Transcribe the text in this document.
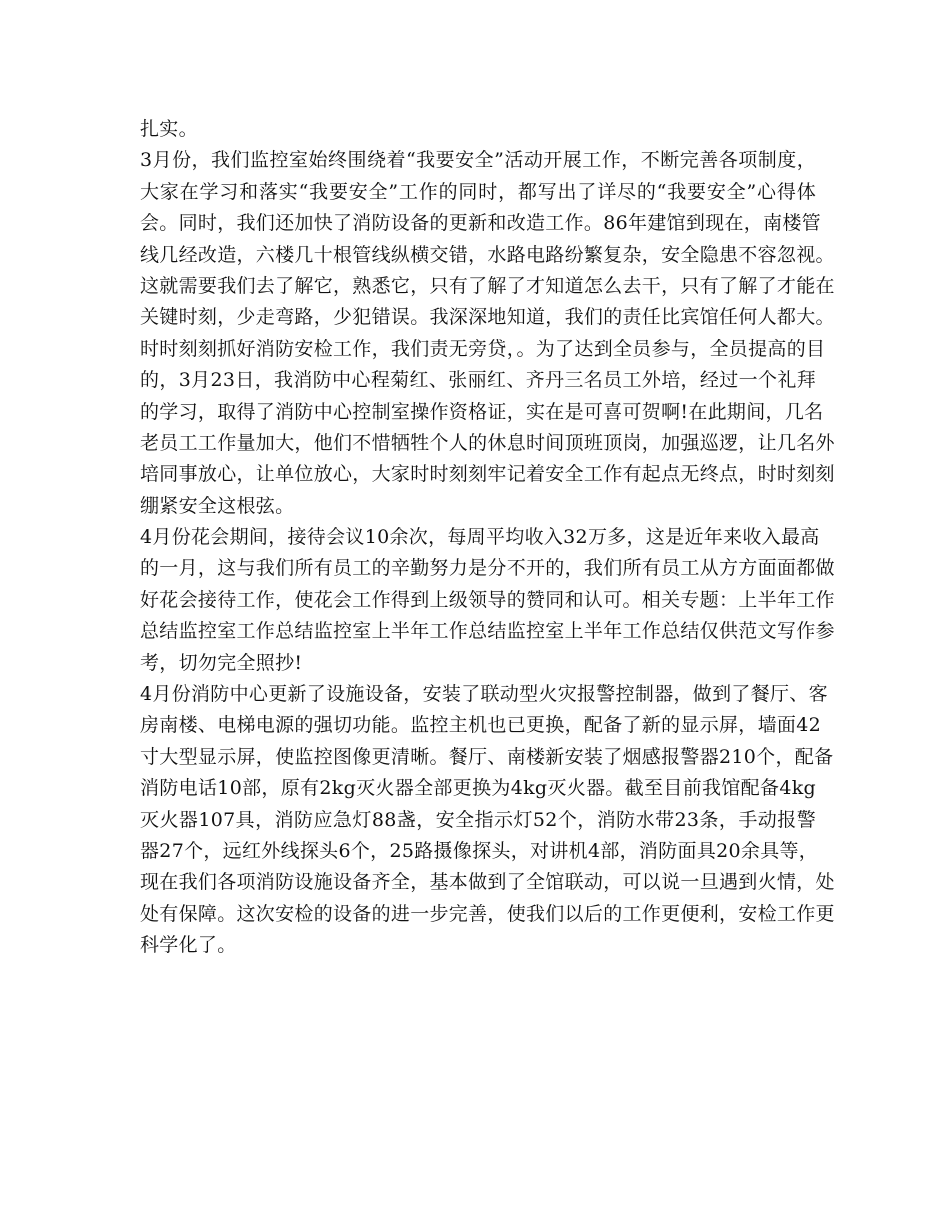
扎实。
3月份，我们监控室始终围绕着“我要安全”活动开展工作，不断完善各项制度，
大家在学习和落实“我要安全”工作的同时，都写出了详尽的“我要安全”心得体
会。同时，我们还加快了消防设备的更新和改造工作。86年建馆到现在，南楼管
线几经改造，六楼几十根管线纵横交错，水路电路纷繁复杂，安全隐患不容忽视。
这就需要我们去了解它，熟悉它，只有了解了才知道怎么去干，只有了解了才能在
关键时刻，少走弯路，少犯错误。我深深地知道，我们的责任比宾馆任何人都大。
时时刻刻抓好消防安检工作，我们责无旁贷，。为了达到全员参与，全员提高的目
的，3月23日，我消防中心程菊红、张丽红、齐丹三名员工外培，经过一个礼拜
的学习，取得了消防中心控制室操作资格证，实在是可喜可贺啊!在此期间，几名
老员工工作量加大，他们不惜牺牲个人的休息时间顶班顶岗，加强巡逻，让几名外
培同事放心，让单位放心，大家时时刻刻牢记着安全工作有起点无终点，时时刻刻
绷紧安全这根弦。
4月份花会期间，接待会议10余次，每周平均收入32万多，这是近年来收入最高
的一月，这与我们所有员工的辛勤努力是分不开的，我们所有员工从方方面面都做
好花会接待工作，使花会工作得到上级领导的赞同和认可。相关专题：上半年工作
总结监控室工作总结监控室上半年工作总结监控室上半年工作总结仅供范文写作参
考，切勿完全照抄!
4月份消防中心更新了设施设备，安装了联动型火灾报警控制器，做到了餐厅、客
房南楼、电梯电源的强切功能。监控主机也已更换，配备了新的显示屏，墙面42
寸大型显示屏，使监控图像更清晰。餐厅、南楼新安装了烟感报警器210个，配备
消防电话10部，原有2kg灭火器全部更换为4kg灭火器。截至目前我馆配备4kg
灭火器107具，消防应急灯88盏，安全指示灯52个，消防水带23条，手动报警
器27个，远红外线探头6个，25路摄像探头，对讲机4部，消防面具20余具等，
现在我们各项消防设施设备齐全，基本做到了全馆联动，可以说一旦遇到火情，处
处有保障。这次安检的设备的进一步完善，使我们以后的工作更便利，安检工作更
科学化了。
